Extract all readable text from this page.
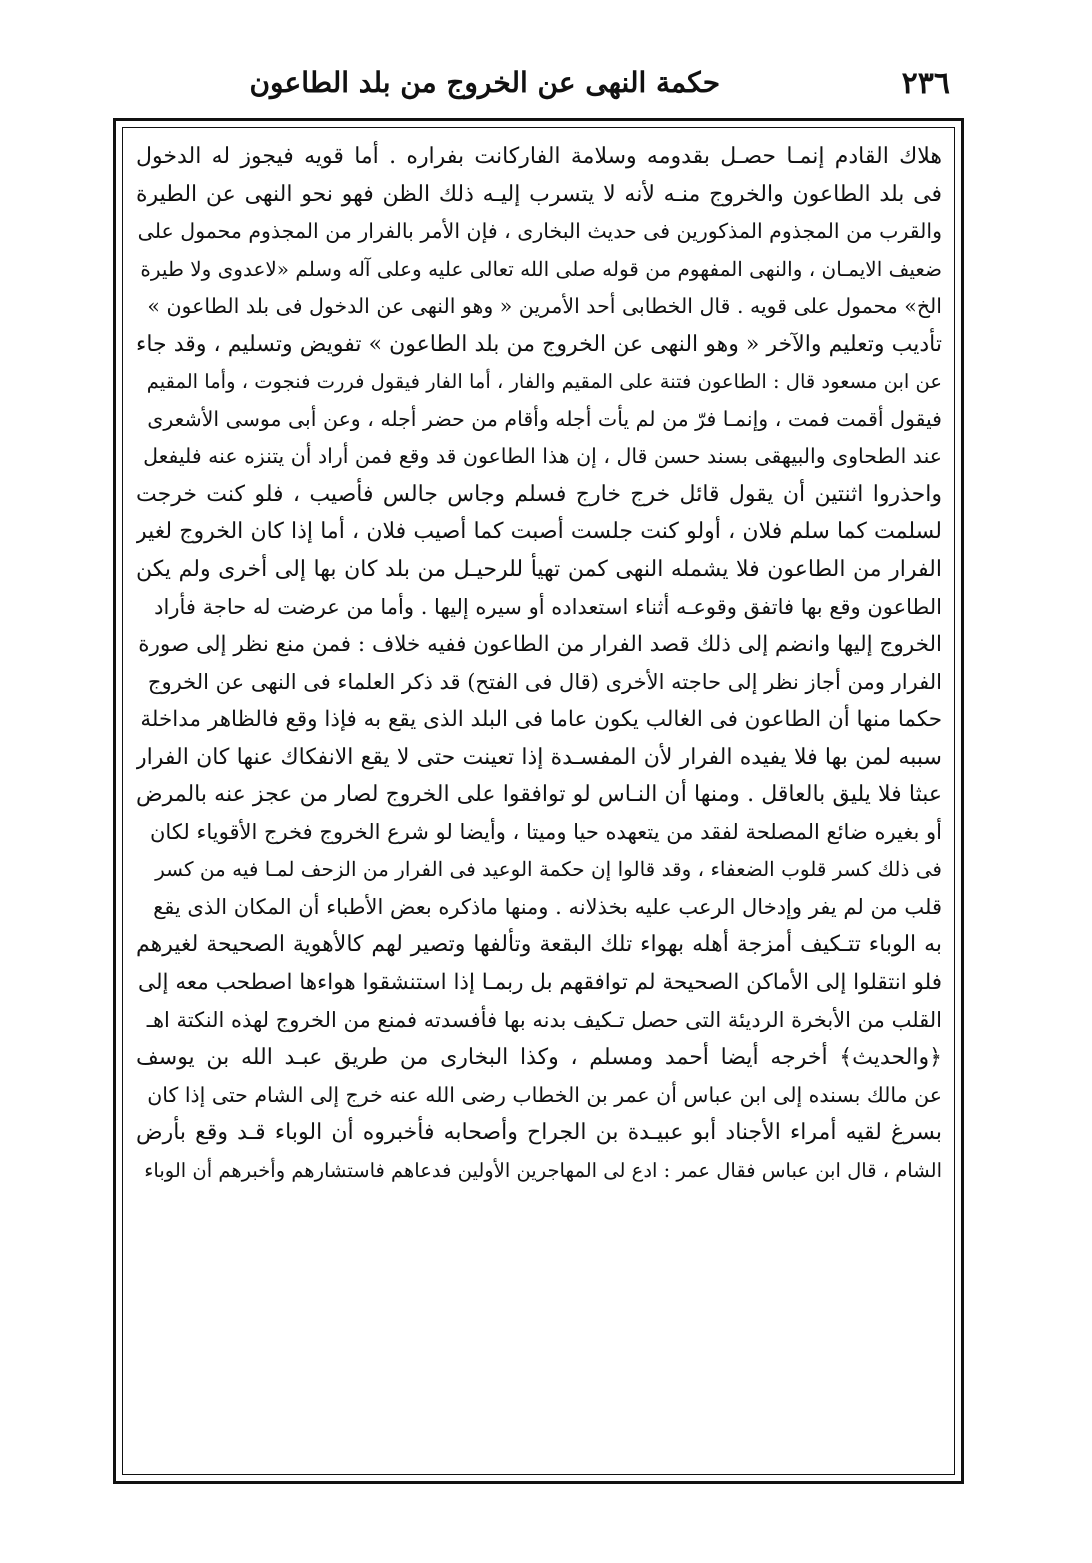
٢٣٦
حكمة النهى عن الخروج من بلد الطاعون
هلاك القادم إنمـا حصـل بقدومه وسلامة الفاركانت بفراره . أما قويه فيجوز له الدخول
فى بلد الطاعون والخروج منـه لأنه لا يتسرب إليـه ذلك الظن فهو نحو النهى عن الطيرة
والقرب من المجذوم المذكورين فى حديث البخارى ، فإن الأمر بالفرار من المجذوم محمول على
ضعيف الايمـان ، والنهى المفهوم من قوله صلى الله تعالى عليه وعلى آله وسلم «لاعدوى ولا طيرة
الخ» محمول على قويه . قال الخطابى أحد الأمرين « وهو النهى عن الدخول فى بلد الطاعون »
تأديب وتعليم والآخر « وهو النهى عن الخروج من بلد الطاعون » تفويض وتسليم ، وقد جاء
عن ابن مسعود قال : الطاعون فتنة على المقيم والفار ، أما الفار فيقول فررت فنجوت ، وأما المقيم
فيقول أقمت فمت ، وإنمـا فرّ من لم يأت أجله وأقام من حضر أجله ، وعن أبى موسى الأشعرى
عند الطحاوى والبيهقى بسند حسن قال ، إن هذا الطاعون قد وقع فمن أراد أن يتنزه عنه فليفعل
واحذروا اثنتين أن يقول قائل خرج خارج فسلم وجاس جالس فأصيب ، فلو كنت خرجت
لسلمت كما سلم فلان ، أولو كنت جلست أصبت كما أصيب فلان ، أما إذا كان الخروج لغير
الفرار من الطاعون فلا يشمله النهى كمن تهيأ للرحيـل من بلد كان بها إلى أخرى ولم يكن
الطاعون وقع بها فاتفق وقوعـه أثناء استعداده أو سيره إليها . وأما من عرضت له حاجة فأراد
الخروج إليها وانضم إلى ذلك قصد الفرار من الطاعون ففيه خلاف : فمن منع نظر إلى صورة
الفرار ومن أجاز نظر إلى حاجته الأخرى (قال فى الفتح) قد ذكر العلماء فى النهى عن الخروج
حكما منها أن الطاعون فى الغالب يكون عاما فى البلد الذى يقع به فإذا وقع فالظاهر مداخلة
سببه لمن بها فلا يفيده الفرار لأن المفسـدة إذا تعينت حتى لا يقع الانفكاك عنها كان الفرار
عبثا فلا يليق بالعاقل . ومنها أن النـاس لو توافقوا على الخروج لصار من عجز عنه بالمرض
أو بغيره ضائع المصلحة لفقد من يتعهده حيا وميتا ، وأيضا لو شرع الخروج فخرج الأقوياء لكان
فى ذلك كسر قلوب الضعفاء ، وقد قالوا إن حكمة الوعيد فى الفرار من الزحف لمـا فيه من كسر
قلب من لم يفر وإدخال الرعب عليه بخذلانه . ومنها ماذكره بعض الأطباء أن المكان الذى يقع
به الوباء تتـكيف أمزجة أهله بهواء تلك البقعة وتألفها وتصير لهم كالأهوية الصحيحة لغيرهم
فلو انتقلوا إلى الأماكن الصحيحة لم توافقهم بل ربمـا إذا استنشقوا هواءها اصطحب معه إلى
القلب من الأبخرة الرديئة التى حصل تـكيف بدنه بها فأفسدته فمنع من الخروج لهذه النكتة اهـ
﴿والحديث﴾ أخرجه أيضا أحمد ومسلم ، وكذا البخارى من طريق عبـد الله بن يوسف
عن مالك بسنده إلى ابن عباس أن عمر بن الخطاب رضى الله عنه خرج إلى الشام حتى إذا كان
بسرغ لقيه أمراء الأجناد أبو عبيـدة بن الجراح وأصحابه فأخبروه أن الوباء قـد وقع بأرض
الشام ، قال ابن عباس فقال عمر : ادع لى المهاجرين الأولين فدعاهم فاستشارهم وأخبرهم أن الوباء
